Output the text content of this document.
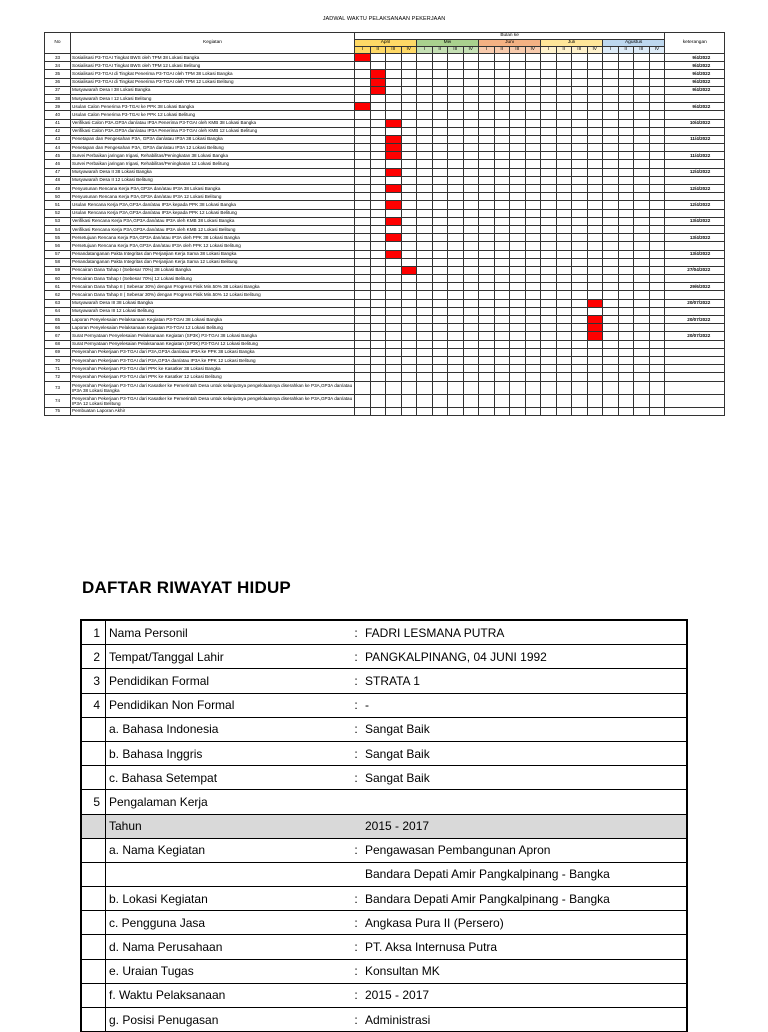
JADWAL WAKTU PELAKSANAAN PEKERJAAN
No	Kegiatan	Bulan ke																				keterangan
		April				Mei				Juni				Juli				Agustus				
		I	II	III	IV	I	II	III	IV	I	II	III	IV	I	II	III	IV	I	II	III	IV	
33	Sosialisasi P3-TGAI Tingkat BWS oleh TPM 38 Lokasi Bangka																					9/4/2022
34	Sosialisasi P3-TGAI Tingkat BWS oleh TPM 12 Lokasi Belitung																					9/4/2022
35	Sosialisasi P3-TGAI di Tingkat Penerima P3-TGAI oleh TPM 38 Lokasi Bangka																					9/4/2022
36	Sosialisasi P3-TGAI di Tingkat Penerima P3-TGAI oleh TPM 12 Lokasi Belitung																					9/4/2022
37	Musyawarah Desa I 38 Lokasi Bangka																					9/4/2022
38	Musyawarah Desa I 12 Lokasi Belitung																					
39	Usulan Calon Penerima P3-TGAI ke PPK 38 Lokasi Bangka																					9/4/2022
40	Usulan Calon Penerima P3-TGAI ke PPK 12 Lokasi Belitung																					
41	Verifikasi Calon P3A.GP3A dan/atau IP3A Penerima P3-TGAI oleh KMB 38 Lokasi Bangka																					10/4/2022
42	Verifikasi Calon P3A.GP3A dan/atau IP3A Penerima P3-TGAI oleh KMB 12 Lokasi Belitung																					
43	Penetapan dan Pengesahan P3A, GP3A dan/atau IP3A 38 Lokasi Bangka																					11/4/2022
44	Penetapan dan Pengesahan P3A, GP3A dan/atau IP3A 12 Lokasi Belitung			

45	Survei Perbaikan jaringan Irigasi, Rehabilitas/Peningkatan 38 Lokasi Bangka																					11/4/2022
46	Survei Perbaikan jaringan Irigasi, Rehabilitas/Peningkatan 12 Lokasi Belitung																					
47	Musyawarah Desa II 38 Lokasi Bangka																					12/4/2022
48	Musyawarah Desa II 12 Lokasi Belitung																					
49	Penyusunan Rencana Kerja P3A,GP3A dan/atau IP3A 38 Lokasi Bangka																					12/4/2022
50	Penyusunan Rencana Kerja P3A,GP3A dan/atau IP3A 12 Lokasi Belitung																					
51	Usulan Rencana Kerja P3A,GP3A dan/atau IP3A kepada PPK 38 Lokasi Bangka																					12/4/2022
52	Usulan Rencana Kerja P3A,GP3A dan/atau IP3A kepada PPK 12 Lokasi Belitung																					
53	Verifikasi Rencana Kerja P3A,GP3A dan/atau IP3A oleh KMB 38 Lokasi Bangka																					13/4/2022
54	Verifikasi Rencana Kerja P3A,GP3A dan/atau IP3A oleh KMB 12 Lokasi Belitung																					
55	Persetujuan Rencana Kerja P3A,GP3A dan/atau IP3A oleh PPK 38 Lokasi Bangka																					13/4/2022
56	Persetujuan Rencana Kerja P3A,GP3A dan/atau IP3A oleh PPK 12 Lokasi Belitung																					
57	Penandatanganan Pakta Integritas dan Perjanjian Kerja Sama 38 Lokasi Bangka																					13/4/2022
58	Penandatanganan Pakta Integritas dan Perjanjian Kerja Sama 12 Lokasi Belitung																					
59	Pencairan Dana Tahap I (Sebesar 70%) 38 Lokasi Bangka																					27/04/2022
60	Pencairan Dana Tahap I (Sebesar 70%) 12 Lokasi Belitung																					
61	Pencairan Dana Tahap II ( Sebesar 30%) dengan Progress Fisik Min.50% 38 Lokasi Bangka																					29/6/2022
62	Pencairan Dana Tahap II ( Sebesar 30%) dengan Progress Fisik Min.50% 12 Lokasi Belitung																					
63	Musyawarah Desa III 38 Lokasi Bangka																					20/07/2022
64	Musyawarah Desa III 12 Lokasi Belitung																					
65	Laporan Penyelesaian Pelaksanaan Kegiatan P3-TGAI 38 Lokasi Bangka																					20/07/2022
66	Laporan Penyelesaian Pelaksanaan Kegiatan P3-TGAI 12 Lokasi Belitung																

67	Surat Pernyataan Penyelesaian Pelaksanaan Kegiatan (SP3K) P3-TGAI 38 Lokasi Bangka																					20/07/2022
68	Surat Pernyataan Penyelesaian Pelaksanaan Kegiatan (SP3K) P3-TGAI 12 Lokasi Belitung																					
69	Penyerahan Pekerjaan P3-TGAI dari P3A,GP3A dan/atau IP3A ke PPK 38 Lokasi Bangka																					
70	Penyerahan Pekerjaan P3-TGAI dari P3A,GP3A dan/atau IP3A ke PPK 12 Lokasi Belitung																					
71	Penyerahan Pekerjaan P3-TGAI dari PPK ke Kasatker 38 Lokasi Bangka																					
72	Penyerahan Pekerjaan P3-TGAI dari PPK ke Kasatker 12 Lokasi Belitung																					
73	Penyerahan Pekerjaan P3-TGAI dari Kasatker ke Pemerintah Desa untuk selanjutnya pengelolaannya diserahkan ke P3A,GP3A dan/atau IP3A 38 Lokasi Bangka																					
74	Penyerahan Pekerjaan P3-TGAI dari Kasatker ke Pemerintah Desa untuk selanjutnya pengelolaannya diserahkan ke P3A,GP3A dan/atau IP3A 12 Lokasi Belitung																					
75	Pembuatan Laporan Akhir																					
DAFTAR RIWAYAT HIDUP
1	Nama Personil	:	FADRI LESMANA PUTRA
2	Tempat/Tanggal Lahir	:	PANGKALPINANG, 04 JUNI 1992
3	Pendidikan Formal	:	STRATA 1
4	Pendidikan Non Formal	:	-
	a. Bahasa Indonesia	:	Sangat Baik
	b. Bahasa Inggris	:	Sangat Baik
	c. Bahasa Setempat	:	Sangat Baik
5	Pengalaman Kerja		
	Tahun		2015 - 2017
	a. Nama Kegiatan	:	Pengawasan Pembangunan Apron
			Bandara Depati Amir Pangkalpinang - Bangka
	b. Lokasi Kegiatan	:	Bandara Depati Amir Pangkalpinang - Bangka
	c. Pengguna Jasa	:	Angkasa Pura II (Persero)
	d. Nama Perusahaan	:	PT. Aksa Internusa Putra
	e. Uraian Tugas	:	Konsultan MK
	f. Waktu Pelaksanaan	:	2015 - 2017
	g. Posisi Penugasan	:	Administrasi
